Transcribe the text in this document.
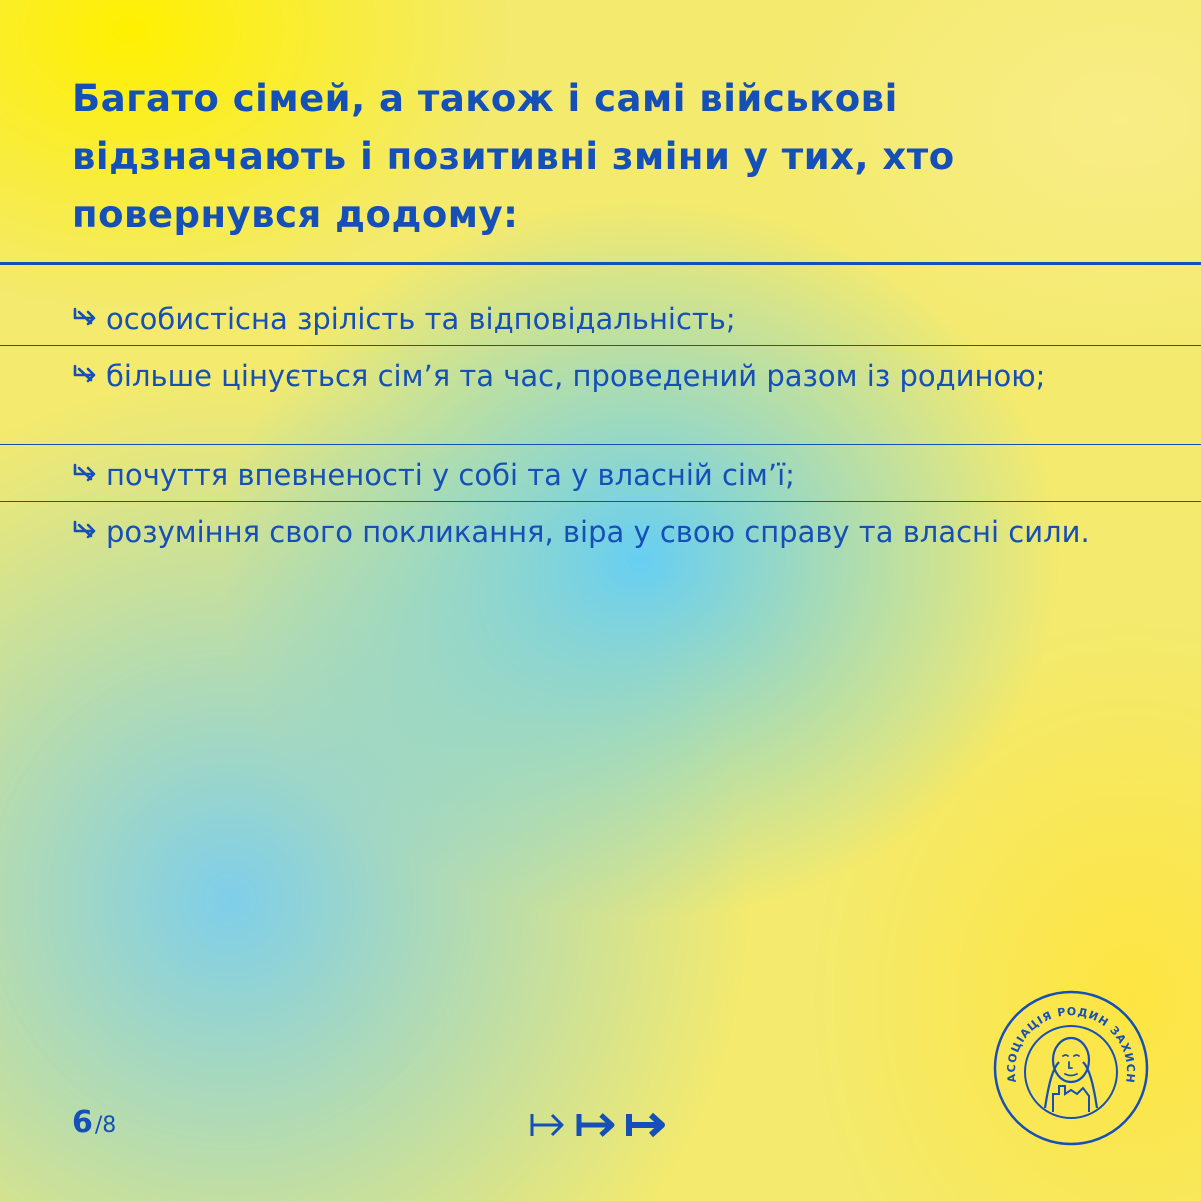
Багато сімей, а також і самі військові відзначають і позитивні зміни у тих, хто повернувся додому:
особистісна зрілість та відповідальність;
більше цінується сім’я та час, проведений разом із родиною;
почуття впевненості у собі та у власній сім’ї;
розуміння свого покликання, віра у свою справу та власні сили.
6/8
АСОЦІАЦІЯ РОДИН ЗАХИСН
